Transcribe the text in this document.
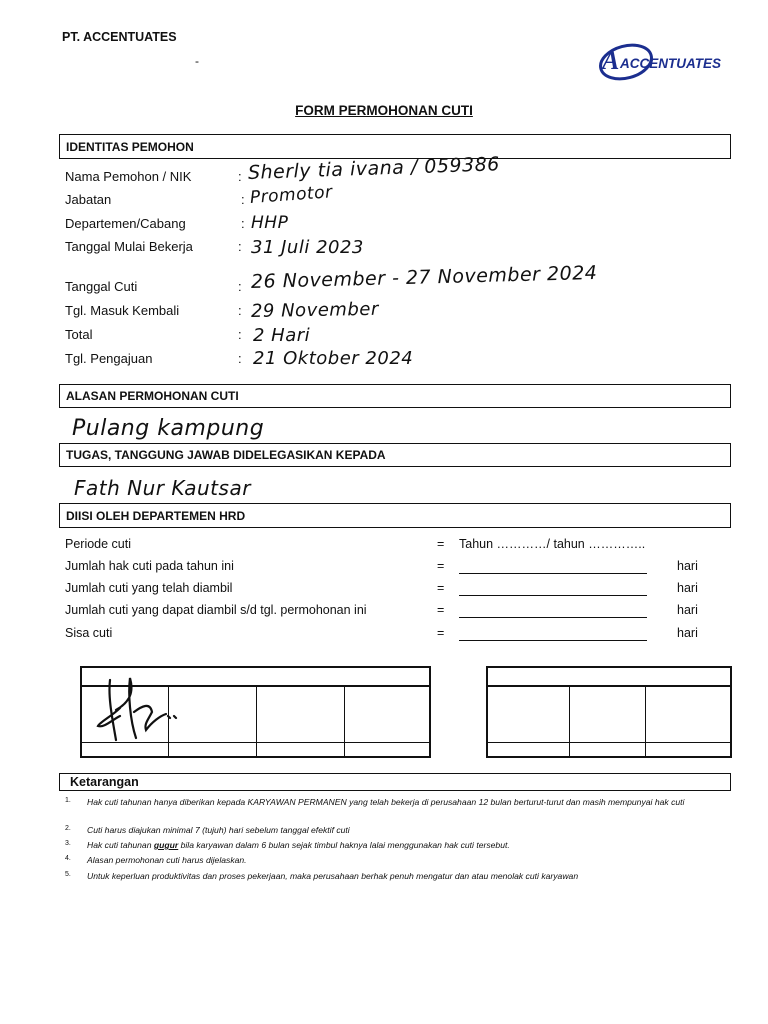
PT. ACCENTUATES
-	A ACCENTUATES
FORM PERMOHONAN CUTI
IDENTITAS PEMOHON
Nama Pemohon / NIK	: Sherly tia ivana / 059386
Jabatan	: Promotor
Departemen/Cabang	: HHP
Tanggal Mulai Bekerja	: 31 Juli 2023
Tanggal Cuti	: 26 November - 27 November 2024
Tgl. Masuk Kembali	: 29 November
Total	: 2 Hari
Tgl. Pengajuan	: 21 Oktober 2024
ALASAN PERMOHONAN CUTI
Pulang kampung
TUGAS, TANGGUNG JAWAB DIDELEGASIKAN KEPADA
Fath Nur Kautsar
DIISI OLEH DEPARTEMEN HRD
Periode cuti	= Tahun …………/ tahun …………..
Jumlah hak cuti pada tahun ini	=	hari
Jumlah cuti yang telah diambil	=	hari
Jumlah cuti yang dapat diambil s/d tgl. permohonan ini	=	hari
Sisa cuti	=	hari
Ketarangan
1. Hak cuti tahunan hanya diberikan kepada KARYAWAN PERMANEN yang telah bekerja di perusahaan 12 bulan berturut-turut dan masih mempunyai hak cuti
2. Cuti harus diajukan minimal 7 (tujuh) hari sebelum tanggal efektif cuti
3. Hak cuti tahunan gugur bila karyawan dalam 6 bulan sejak timbul haknya lalai menggunakan hak cuti tersebut.
4. Alasan permohonan cuti harus dijelaskan.
5. Untuk keperluan produktivitas dan proses pekerjaan, maka perusahaan berhak penuh mengatur dan atau menolak cuti karyawan
